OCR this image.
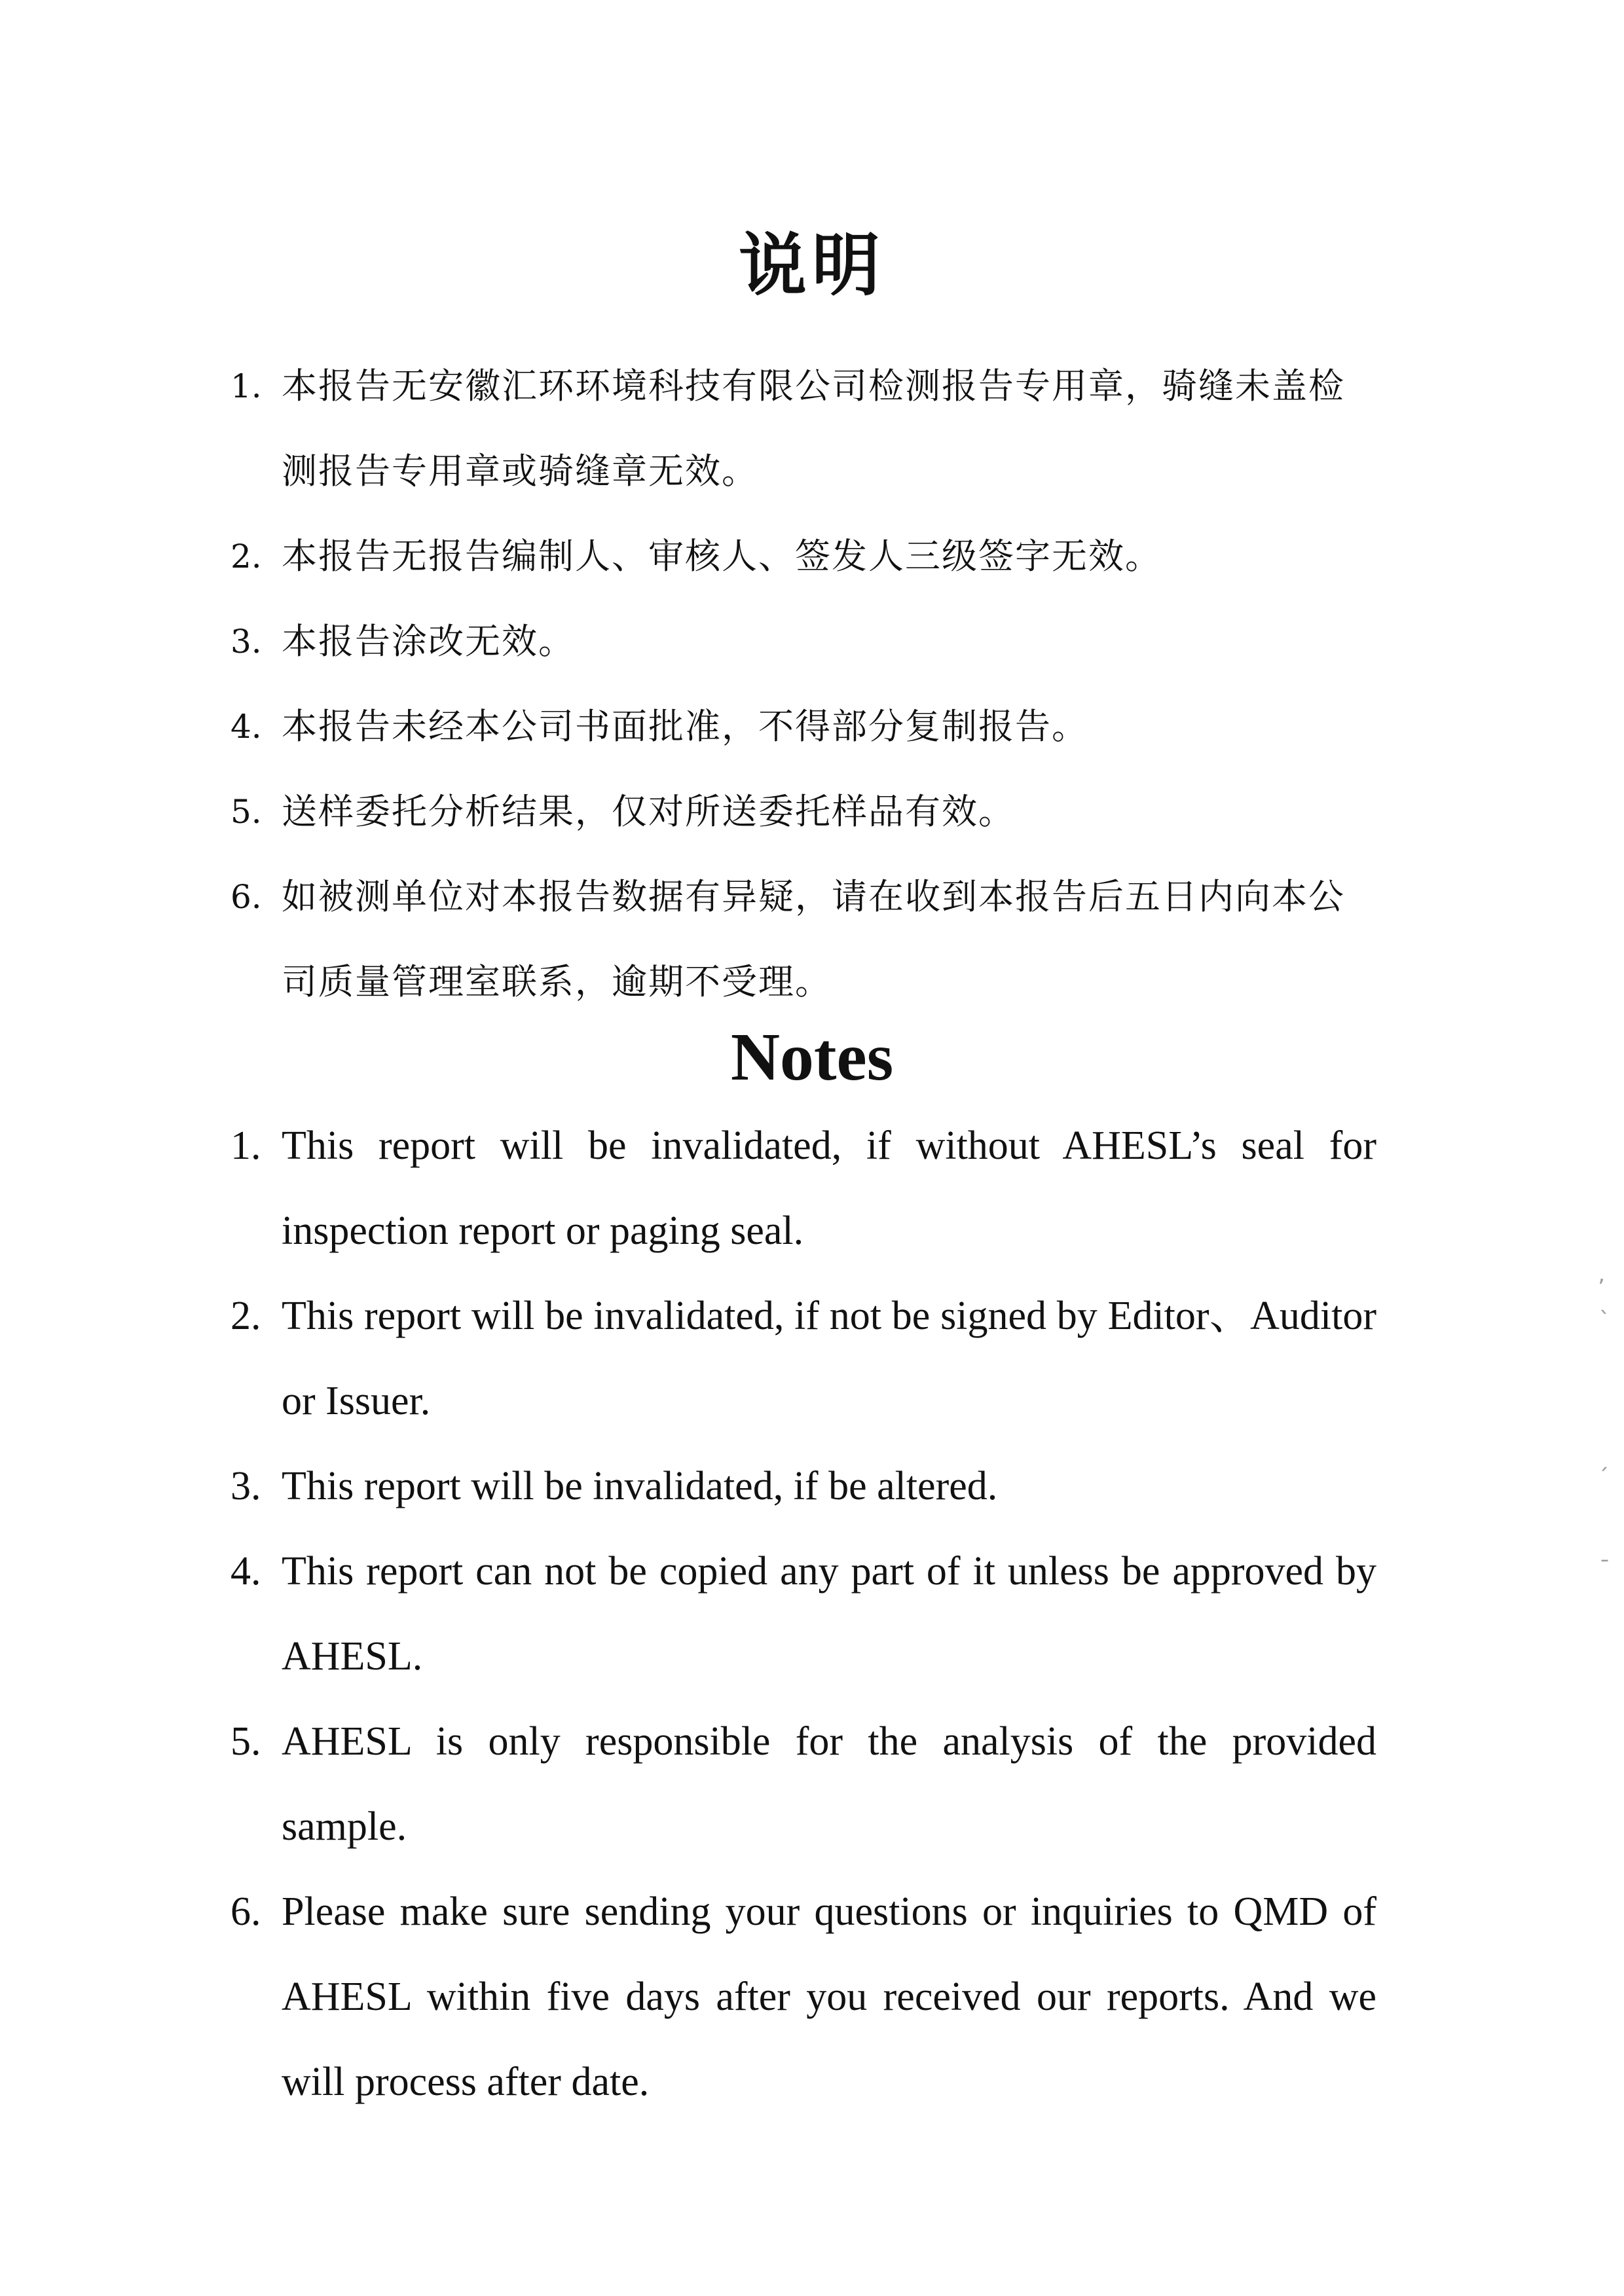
说明
1. 本报告无安徽汇环环境科技有限公司检测报告专用章，骑缝未盖检测报告专用章或骑缝章无效。
2. 本报告无报告编制人、审核人、签发人三级签字无效。
3. 本报告涂改无效。
4. 本报告未经本公司书面批准，不得部分复制报告。
5. 送样委托分析结果，仅对所送委托样品有效。
6. 如被测单位对本报告数据有异疑，请在收到本报告后五日内向本公司质量管理室联系，逾期不受理。
Notes
1. This report will be invalidated, if without AHESL’s seal for inspection report or paging seal.
2. This report will be invalidated, if not be signed by Editor、Auditor or Issuer.
3. This report will be invalidated, if be altered.
4. This report can not be copied any part of it unless be approved by AHESL.
5. AHESL is only responsible for the analysis of the provided sample.
6. Please make sure sending your questions or inquiries to QMD of AHESL within five days after you received our reports. And we will process after date.
ʼ
ˋ
ˊ
ˉ
